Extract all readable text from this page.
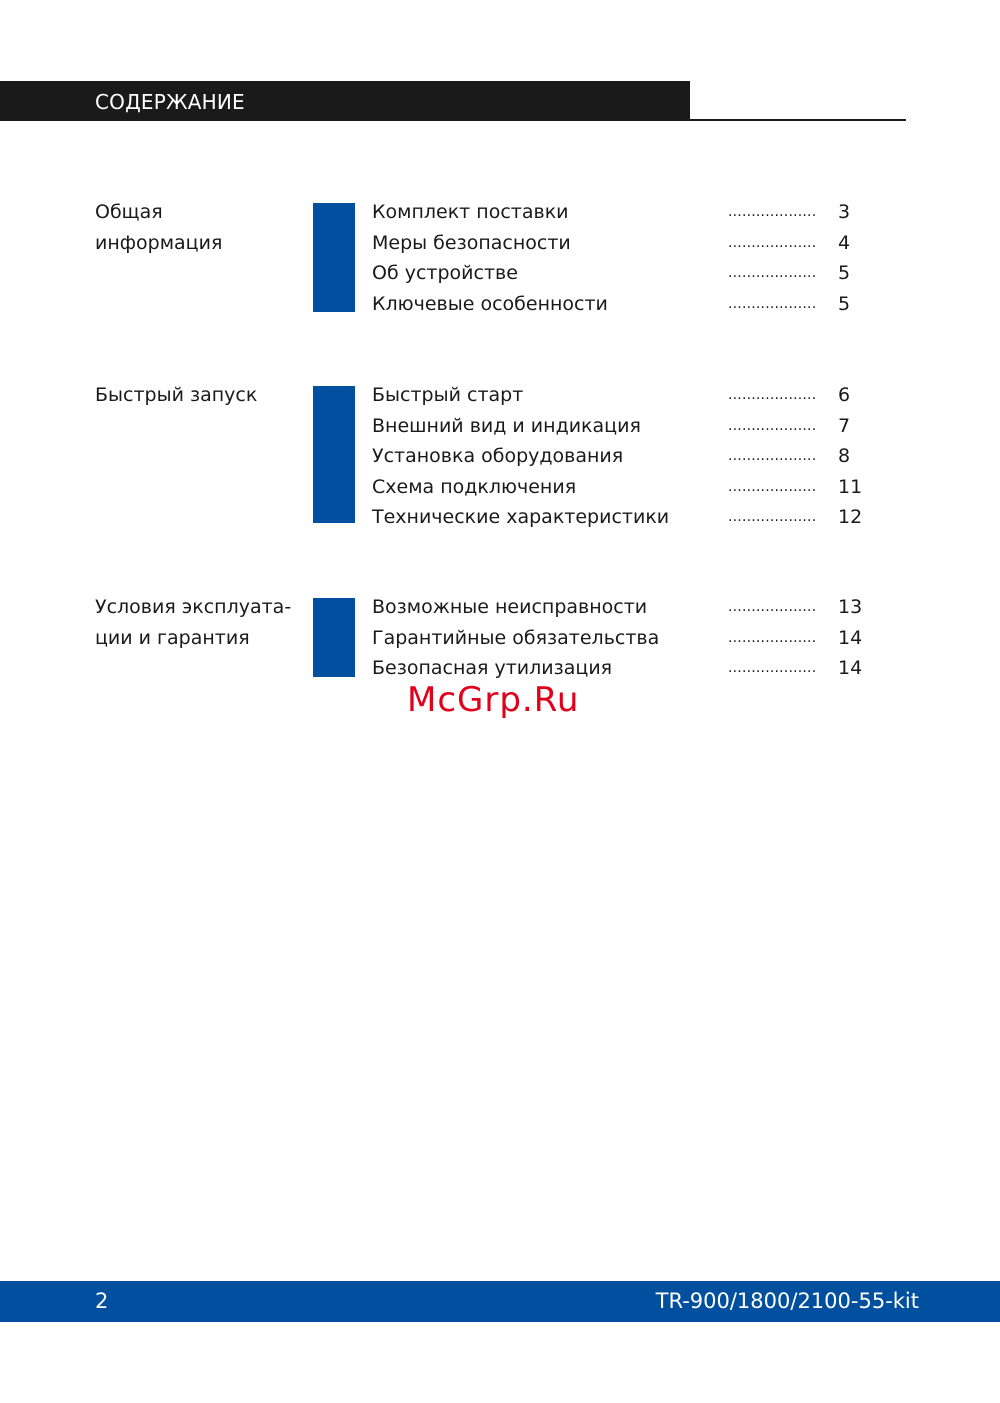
СОДЕРЖАНИЕ
Общая
информация
Комплект поставки	................... 3
Меры безопасности	................... 4
Об устройстве	................... 5
Ключевые особенности	................... 5
Быстрый запуск	Быстрый старт	................... 6
Внешний вид и индикация	................... 7
Установка оборудования	................... 8
Схема подключения	................... 11
Технические характеристики	................... 12
Условия эксплуата-
ции и гарантия
Возможные неисправности	................... 13
Гарантийные обязательства	................... 14
Безопасная утилизация	................... 14
McGrp.Ru
2	TR-900/1800/2100-55-kit
